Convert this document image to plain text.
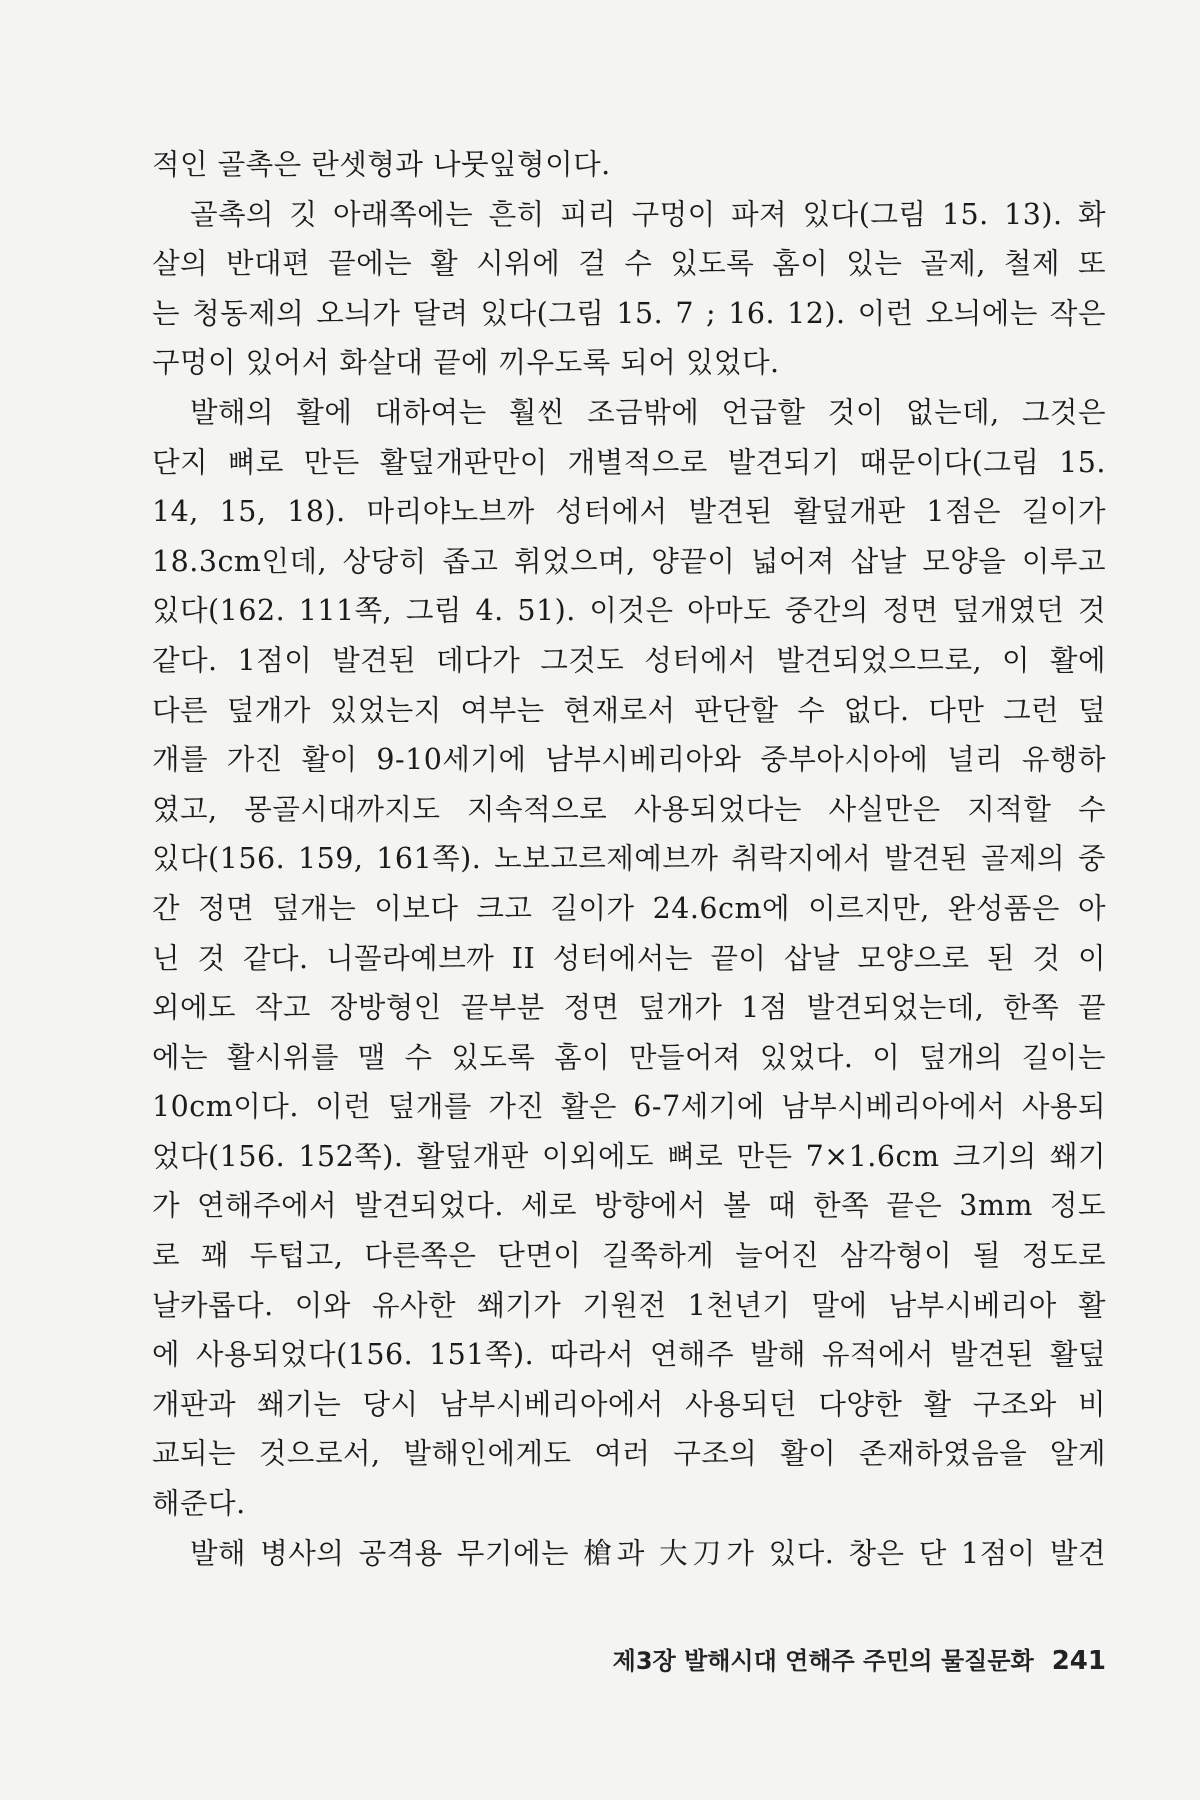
적인 골촉은 란셋형과 나뭇잎형이다.
골촉의 깃 아래쪽에는 흔히 피리 구멍이 파져 있다(그림 15. 13). 화
살의 반대편 끝에는 활 시위에 걸 수 있도록 홈이 있는 골제, 철제 또
는 청동제의 오늬가 달려 있다(그림 15. 7 ; 16. 12). 이런 오늬에는 작은
구멍이 있어서 화살대 끝에 끼우도록 되어 있었다.
발해의 활에 대하여는 훨씬 조금밖에 언급할 것이 없는데, 그것은
단지 뼈로 만든 활덮개판만이 개별적으로 발견되기 때문이다(그림 15.
14, 15, 18). 마리야노브까 성터에서 발견된 활덮개판 1점은 길이가
18.3cm인데, 상당히 좁고 휘었으며, 양끝이 넓어져 삽날 모양을 이루고
있다(162. 111쪽, 그림 4. 51). 이것은 아마도 중간의 정면 덮개였던 것
같다. 1점이 발견된 데다가 그것도 성터에서 발견되었으므로, 이 활에
다른 덮개가 있었는지 여부는 현재로서 판단할 수 없다. 다만 그런 덮
개를 가진 활이 9-10세기에 남부시베리아와 중부아시아에 널리 유행하
였고, 몽골시대까지도 지속적으로 사용되었다는 사실만은 지적할 수
있다(156. 159, 161쪽). 노보고르제예브까 취락지에서 발견된 골제의 중
간 정면 덮개는 이보다 크고 길이가 24.6cm에 이르지만, 완성품은 아
닌 것 같다. 니꼴라예브까 II 성터에서는 끝이 삽날 모양으로 된 것 이
외에도 작고 장방형인 끝부분 정면 덮개가 1점 발견되었는데, 한쪽 끝
에는 활시위를 맬 수 있도록 홈이 만들어져 있었다. 이 덮개의 길이는
10cm이다. 이런 덮개를 가진 활은 6-7세기에 남부시베리아에서 사용되
었다(156. 152쪽). 활덮개판 이외에도 뼈로 만든 7×1.6cm 크기의 쐐기
가 연해주에서 발견되었다. 세로 방향에서 볼 때 한쪽 끝은 3mm 정도
로 꽤 두텁고, 다른쪽은 단면이 길쭉하게 늘어진 삼각형이 될 정도로
날카롭다. 이와 유사한 쐐기가 기원전 1천년기 말에 남부시베리아 활
에 사용되었다(156. 151쪽). 따라서 연해주 발해 유적에서 발견된 활덮
개판과 쐐기는 당시 남부시베리아에서 사용되던 다양한 활 구조와 비
교되는 것으로서, 발해인에게도 여러 구조의 활이 존재하였음을 알게
해준다.
발해 병사의 공격용 무기에는 槍과 大刀가 있다. 창은 단 1점이 발견
제3장 발해시대 연해주 주민의 물질문화 241
